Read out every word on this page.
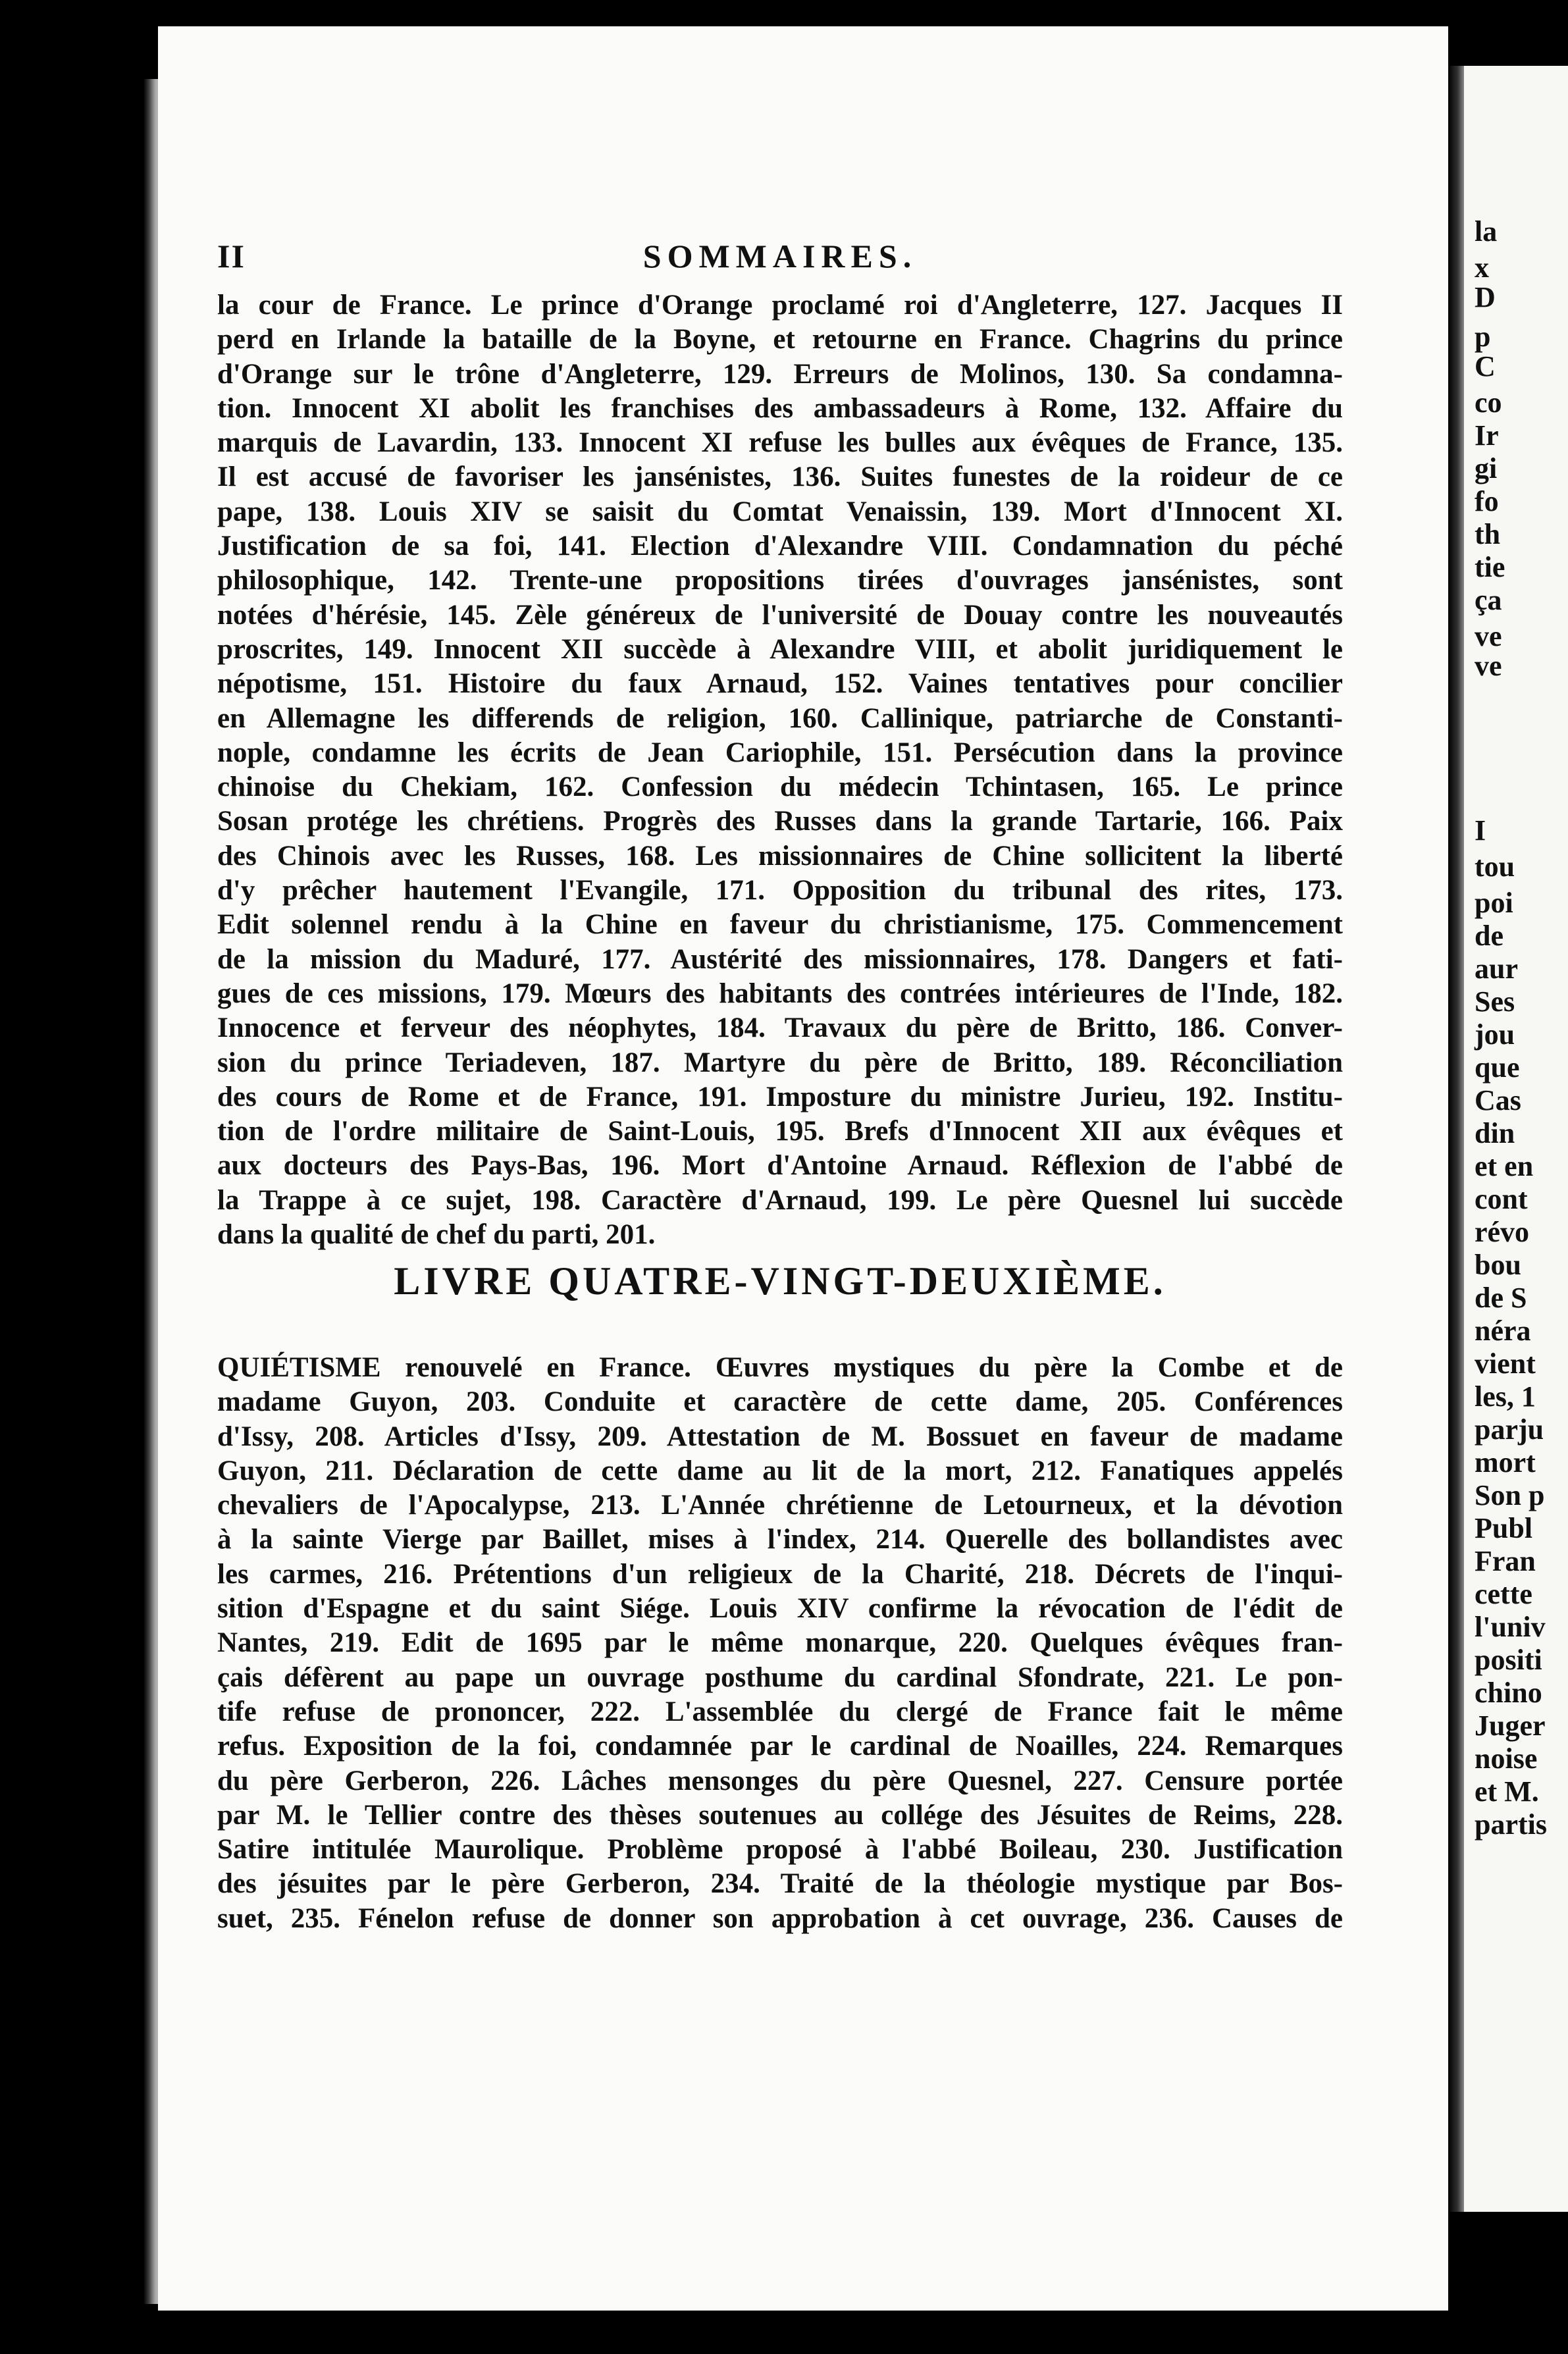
la
x
D
p
C
co
Ir
gi
fo
th
tie
ça
ve
ve
I
tou
poi
de
aur
Ses
jou
que
Cas
din
et en
cont
révo
bou
de S
néra
vient
les, 1
parju
mort
Son p
Publ
Fran
cette
l'univ
positi
chino
Juger
noise
et M.
partis
SOMMAIRES.
II
la cour de France. Le prince d'Orange proclamé roi d'Angleterre, 127. Jacques II
perd en Irlande la bataille de la Boyne, et retourne en France. Chagrins du prince
d'Orange sur le trône d'Angleterre, 129. Erreurs de Molinos, 130. Sa condamna-
tion. Innocent XI abolit les franchises des ambassadeurs à Rome, 132. Affaire du
marquis de Lavardin, 133. Innocent XI refuse les bulles aux évêques de France, 135.
Il est accusé de favoriser les jansénistes, 136. Suites funestes de la roideur de ce
pape, 138. Louis XIV se saisit du Comtat Venaissin, 139. Mort d'Innocent XI.
Justification de sa foi, 141. Election d'Alexandre VIII. Condamnation du péché
philosophique, 142. Trente-une propositions tirées d'ouvrages jansénistes, sont
notées d'hérésie, 145. Zèle généreux de l'université de Douay contre les nouveautés
proscrites, 149. Innocent XII succède à Alexandre VIII, et abolit juridiquement le
népotisme, 151. Histoire du faux Arnaud, 152. Vaines tentatives pour concilier
en Allemagne les differends de religion, 160. Callinique, patriarche de Constanti-
nople, condamne les écrits de Jean Cariophile, 151. Persécution dans la province
chinoise du Chekiam, 162. Confession du médecin Tchintasen, 165. Le prince
Sosan protége les chrétiens. Progrès des Russes dans la grande Tartarie, 166. Paix
des Chinois avec les Russes, 168. Les missionnaires de Chine sollicitent la liberté
d'y prêcher hautement l'Evangile, 171. Opposition du tribunal des rites, 173.
Edit solennel rendu à la Chine en faveur du christianisme, 175. Commencement
de la mission du Maduré, 177. Austérité des missionnaires, 178. Dangers et fati-
gues de ces missions, 179. Mœurs des habitants des contrées intérieures de l'Inde, 182.
Innocence et ferveur des néophytes, 184. Travaux du père de Britto, 186. Conver-
sion du prince Teriadeven, 187. Martyre du père de Britto, 189. Réconciliation
des cours de Rome et de France, 191. Imposture du ministre Jurieu, 192. Institu-
tion de l'ordre militaire de Saint-Louis, 195. Brefs d'Innocent XII aux évêques et
aux docteurs des Pays-Bas, 196. Mort d'Antoine Arnaud. Réflexion de l'abbé de
la Trappe à ce sujet, 198. Caractère d'Arnaud, 199. Le père Quesnel lui succède
dans la qualité de chef du parti, 201.
LIVRE QUATRE-VINGT-DEUXIÈME.
QUIÉTISME renouvelé en France. Œuvres mystiques du père la Combe et de
madame Guyon, 203. Conduite et caractère de cette dame, 205. Conférences
d'Issy, 208. Articles d'Issy, 209. Attestation de M. Bossuet en faveur de madame
Guyon, 211. Déclaration de cette dame au lit de la mort, 212. Fanatiques appelés
chevaliers de l'Apocalypse, 213. L'Année chrétienne de Letourneux, et la dévotion
à la sainte Vierge par Baillet, mises à l'index, 214. Querelle des bollandistes avec
les carmes, 216. Prétentions d'un religieux de la Charité, 218. Décrets de l'inqui-
sition d'Espagne et du saint Siége. Louis XIV confirme la révocation de l'édit de
Nantes, 219. Edit de 1695 par le même monarque, 220. Quelques évêques fran-
çais défèrent au pape un ouvrage posthume du cardinal Sfondrate, 221. Le pon-
tife refuse de prononcer, 222. L'assemblée du clergé de France fait le même
refus. Exposition de la foi, condamnée par le cardinal de Noailles, 224. Remarques
du père Gerberon, 226. Lâches mensonges du père Quesnel, 227. Censure portée
par M. le Tellier contre des thèses soutenues au collége des Jésuites de Reims, 228.
Satire intitulée Maurolique. Problème proposé à l'abbé Boileau, 230. Justification
des jésuites par le père Gerberon, 234. Traité de la théologie mystique par Bos-
suet, 235. Fénelon refuse de donner son approbation à cet ouvrage, 236. Causes de
